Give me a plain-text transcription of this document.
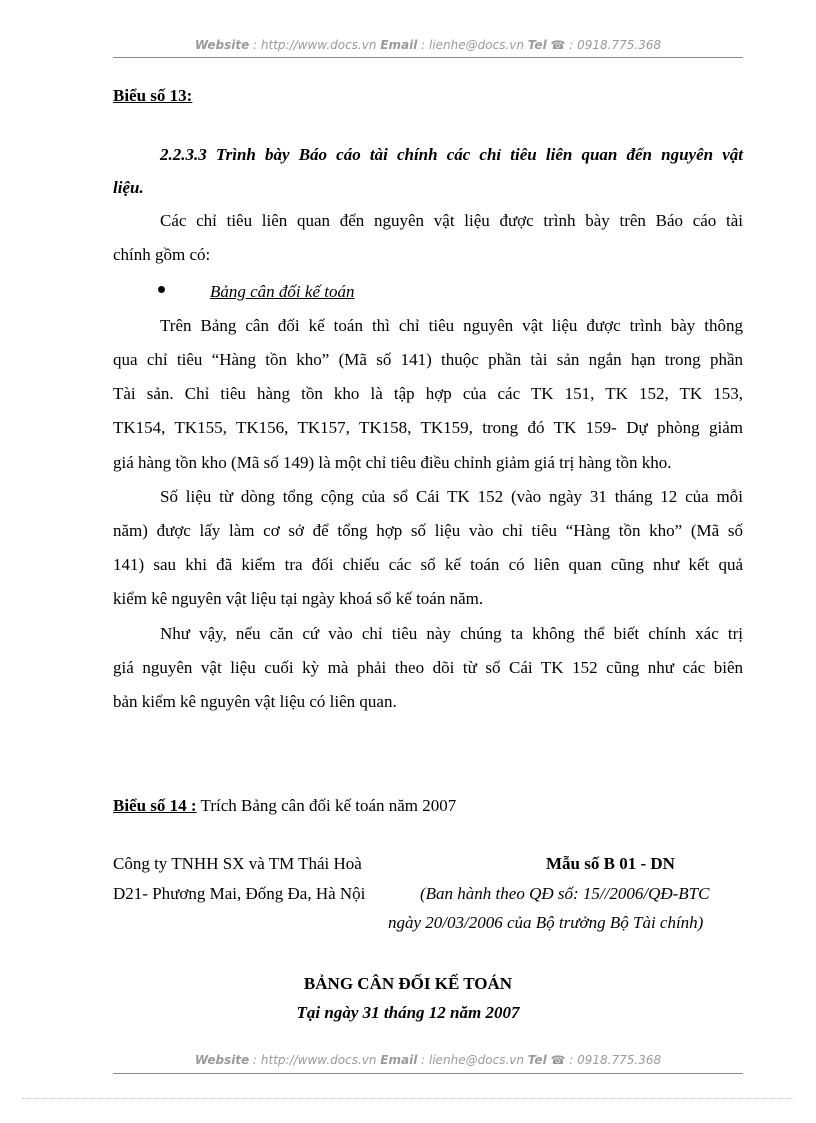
Website : http://www.docs.vn Email : lienhe@docs.vn Tel ☎ : 0918.775.368
Biểu số 13:
2.2.3.3 Trình bày Báo cáo tài chính các chỉ tiêu liên quan đến nguyên vật
liệu.
Các chỉ tiêu liên quan đến nguyên vật liệu được trình bày trên Báo cáo tài
chính gồm có:
Bảng cân đối kế toán
Trên Bảng cân đối kế toán thì chỉ tiêu nguyên vật liệu được trình bày thông
qua chỉ tiêu “Hàng tồn kho” (Mã số 141) thuộc phần tài sản ngắn hạn trong phần
Tài sản. Chỉ tiêu hàng tồn kho là tập hợp của các TK 151, TK 152, TK 153,
TK154, TK155, TK156, TK157, TK158, TK159, trong đó TK 159- Dự phòng giảm
giá hàng tồn kho (Mã số 149) là một chỉ tiêu điều chỉnh giảm giá trị hàng tồn kho.
Số liệu từ dòng tổng cộng của sổ Cái TK 152 (vào ngày 31 tháng 12 của mỗi
năm) được lấy làm cơ sở để tổng hợp số liệu vào chỉ tiêu “Hàng tồn kho” (Mã số
141) sau khi đã kiểm tra đối chiếu các sổ kế toán có liên quan cũng như kết quả
kiểm kê nguyên vật liệu tại ngày khoá sổ kế toán năm.
Như vậy, nếu căn cứ vào chỉ tiêu này chúng ta không thể biết chính xác trị
giá nguyên vật liệu cuối kỳ mà phải theo dõi từ sổ Cái TK 152 cũng như các biên
bản kiểm kê nguyên vật liệu có liên quan.
Biểu số 14 : Trích Bảng cân đối kế toán năm 2007
Công ty TNHH SX và TM Thái Hoà	Mẫu số B 01 - DN
D21- Phương Mai, Đống Đa, Hà Nội	(Ban hành theo QĐ số: 15//2006/QĐ-BTC
ngày 20/03/2006 của Bộ trưởng Bộ Tài chính)
BẢNG CÂN ĐỐI KẾ TOÁN
Tại ngày 31 tháng 12 năm 2007
Website : http://www.docs.vn Email : lienhe@docs.vn Tel ☎ : 0918.775.368
